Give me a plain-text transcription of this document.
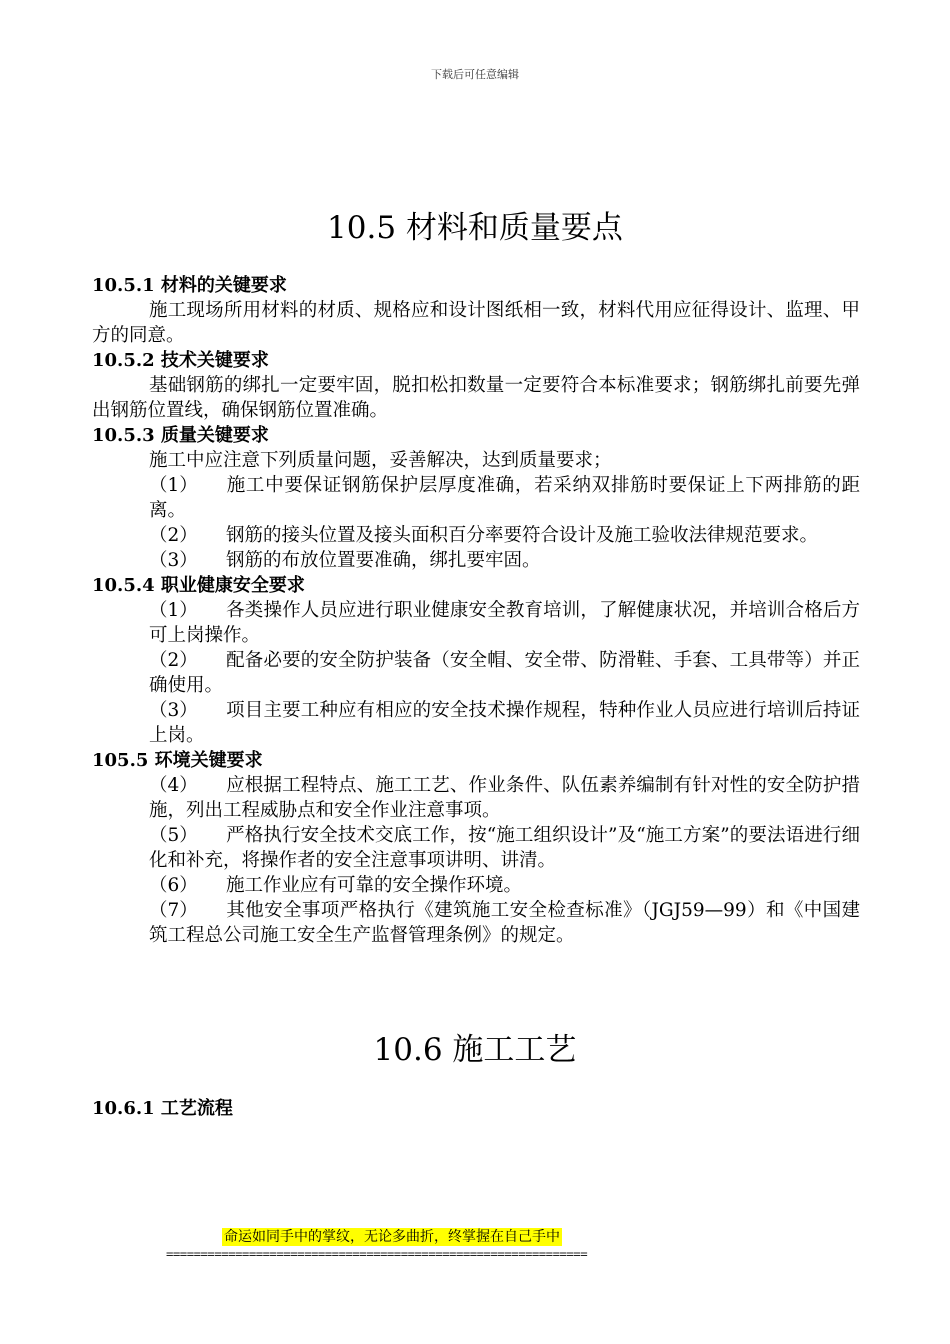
下载后可任意编辑
10.5 材料和质量要点

10.5.1 材料的关键要求

施工现场所用材料的材质、规格应和设计图纸相一致，材料代用应征得设计、监理、甲方的同意。

10.5.2 技术关键要求

基础钢筋的绑扎一定要牢固，脱扣松扣数量一定要符合本标准要求；钢筋绑扎前要先弹出钢筋位置线，确保钢筋位置准确。

10.5.3 质量关键要求

施工中应注意下列质量问题，妥善解决，达到质量要求；

（1） 施工中要保证钢筋保护层厚度准确，若采纳双排筋时要保证上下两排筋的距离。

（2） 钢筋的接头位置及接头面积百分率要符合设计及施工验收法律规范要求。

（3） 钢筋的布放位置要准确，绑扎要牢固。

10.5.4 职业健康安全要求

（1） 各类操作人员应进行职业健康安全教育培训，了解健康状况，并培训合格后方可上岗操作。

（2） 配备必要的安全防护装备（安全帽、安全带、防滑鞋、手套、工具带等）并正确使用。

（3） 项目主要工种应有相应的安全技术操作规程，特种作业人员应进行培训后持证上岗。

105.5 环境关键要求

（4） 应根据工程特点、施工工艺、作业条件、队伍素养编制有针对性的安全防护措施，列出工程威胁点和安全作业注意事项。

（5） 严格执行安全技术交底工作，按“施工组织设计”及“施工方案”的要法语进行细化和补充，将操作者的安全注意事项讲明、讲清。

（6） 施工作业应有可靠的安全操作环境。

（7） 其他安全事项严格执行《建筑施工安全检查标准》（JGJ59—99）和《中国建筑工程总公司施工安全生产监督管理条例》的规定。

10.6 施工工艺

10.6.1 工艺流程

命运如同手中的掌纹，无论多曲折，终掌握在自己手中
=============================================================
